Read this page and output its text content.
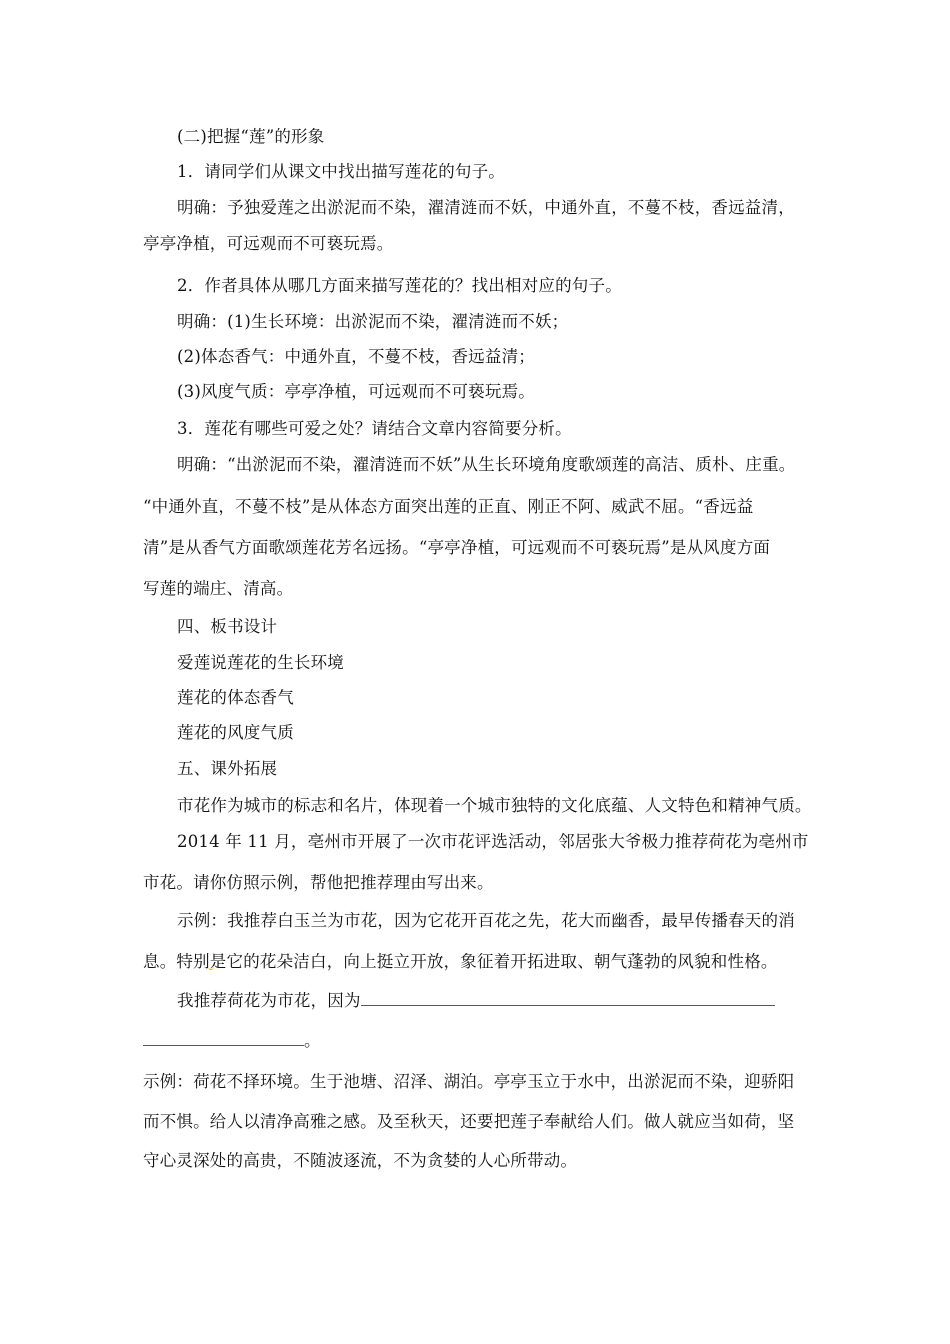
(二)把握“莲”的形象
1．请同学们从课文中找出描写莲花的句子。
明确：予独爱莲之出淤泥而不染，濯清涟而不妖，中通外直，不蔓不枝，香远益清，
亭亭净植，可远观而不可亵玩焉。
2．作者具体从哪几方面来描写莲花的？找出相对应的句子。
明确：(1)生长环境：出淤泥而不染，濯清涟而不妖；
(2)体态香气：中通外直，不蔓不枝，香远益清；
(3)风度气质：亭亭净植，可远观而不可亵玩焉。
3．莲花有哪些可爱之处？请结合文章内容简要分析。
明确：“出淤泥而不染，濯清涟而不妖”从生长环境角度歌颂莲的高洁、质朴、庄重。
“中通外直，不蔓不枝”是从体态方面突出莲的正直、刚正不阿、威武不屈。“香远益
清”是从香气方面歌颂莲花芳名远扬。“亭亭净植，可远观而不可亵玩焉”是从风度方面
写莲的端庄、清高。
四、板书设计
爱莲说莲花的生长环境
莲花的体态香气
莲花的风度气质
五、课外拓展
市花作为城市的标志和名片，体现着一个城市独特的文化底蕴、人文特色和精神气质。
2014 年 11 月，亳州市开展了一次市花评选活动，邻居张大爷极力推荐荷花为亳州市
市花。请你仿照示例，帮他把推荐理由写出来。
示例：我推荐白玉兰为市花，因为它花开百花之先，花大而幽香，最早传播春天的消
息。特别是它的花朵洁白，向上挺立开放，象征着开拓进取、朝气蓬勃的风貌和性格。
我推荐荷花为市花，因为
。
示例：荷花不择环境。生于池塘、沼泽、湖泊。亭亭玉立于水中，出淤泥而不染，迎骄阳
而不惧。给人以清净高雅之感。及至秋天，还要把莲子奉献给人们。做人就应当如荷，坚
守心灵深处的高贵，不随波逐流，不为贪婪的人心所带动。
